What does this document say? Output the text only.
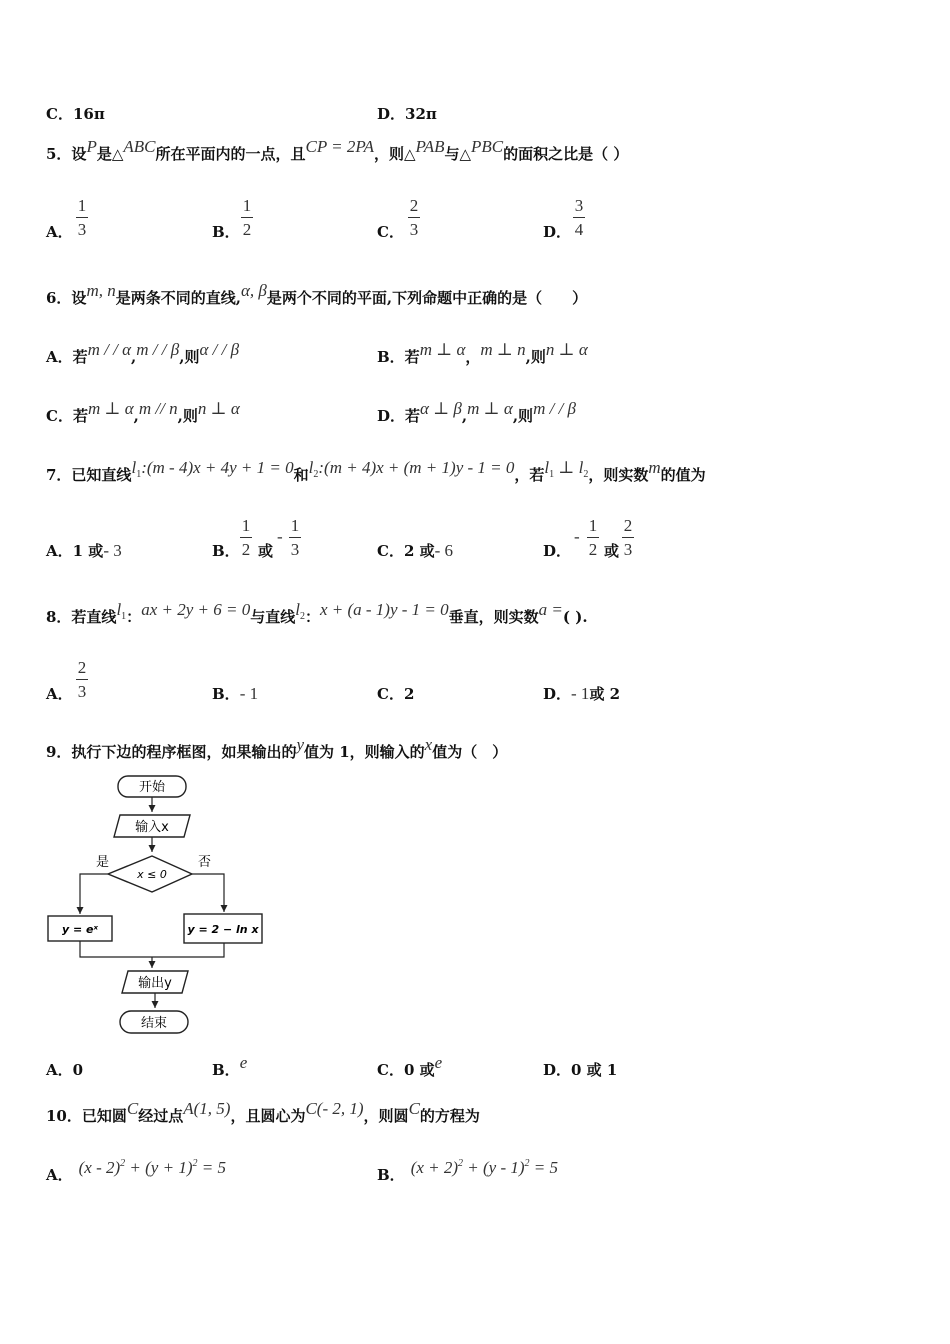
C．16π	D．32π
5．设P是△ABC所在平面内的一点，且CP = 2PA，则△PAB与△PBC的面积之比是（ ）
A．
1
3	B．
1
2	C．
2
3	D．
3
4
6．设m, n是两条不同的直线,α, β是两个不同的平面,下列命题中正确的是（　　）
A．若m / / α,m / / β,则α / / β	B．若m ⊥ α，m ⊥ n,则n ⊥ α
C．若m ⊥ α,m // n,则n ⊥ α	D．若α ⊥ β,m ⊥ α,则m / / β
7．已知直线$l_1:(m - 4)x + 4y + 1 = 0$和$l_2:(m + 4)x + (m + 1)y - 1 = 0$，若$l_1$ ⊥ $l_2$，则实数m的值为
A．1 或- 3	B．
1
2 或
-
1
3	C．2 或- 6	D．
-
1
2 或
2
3
8．若直线$l_1$：ax + 2y + 6 = 0与直线$l_2$：x + (a - 1)y - 1 = 0垂直，则实数a =( ).
A．
2
3	B．- 1	C．2	D．- 1或 2
9．执行下边的程序框图，如果输出的y值为 1，则输入的x值为（　）
开始
输入x
x ≤ 0
是	否
y = eˣ	y = 2 − ln x
输出y
结束
A．0	B．e	C．0 或e	D．0 或 1
10．已知圆C经过点A(1, 5)，且圆心为C(- 2, 1)，则圆C的方程为
A． $(x - 2)^2 + (y + 1)^2 = 5$	B． $(x + 2)^2 + (y - 1)^2 = 5$
